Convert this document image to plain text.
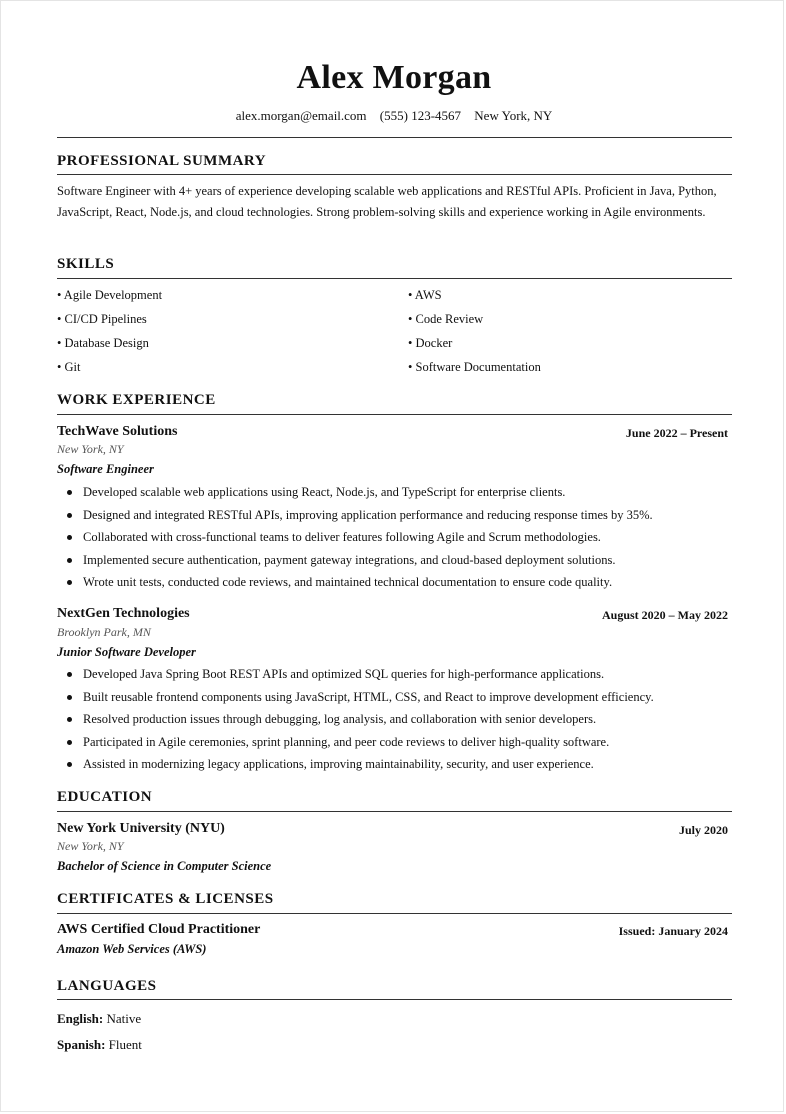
Alex Morgan
alex.morgan@email.com (555) 123-4567 New York, NY
PROFESSIONAL SUMMARY
Software Engineer with 4+ years of experience developing scalable web applications and RESTful APIs. Proficient in Java, Python, JavaScript, React, Node.js, and cloud technologies. Strong problem-solving skills and experience working in Agile environments.
SKILLS
• Agile Development
• CI/CD Pipelines
• Database Design
• Git
• AWS
• Code Review
• Docker
• Software Documentation
WORK EXPERIENCE
TechWave Solutions	June 2022 – Present
New York, NY
Software Engineer
Developed scalable web applications using React, Node.js, and TypeScript for enterprise clients.
Designed and integrated RESTful APIs, improving application performance and reducing response times by 35%.
Collaborated with cross-functional teams to deliver features following Agile and Scrum methodologies.
Implemented secure authentication, payment gateway integrations, and cloud-based deployment solutions.
Wrote unit tests, conducted code reviews, and maintained technical documentation to ensure code quality.
NextGen Technologies	August 2020 – May 2022
Brooklyn Park, MN
Junior Software Developer
Developed Java Spring Boot REST APIs and optimized SQL queries for high-performance applications.
Built reusable frontend components using JavaScript, HTML, CSS, and React to improve development efficiency.
Resolved production issues through debugging, log analysis, and collaboration with senior developers.
Participated in Agile ceremonies, sprint planning, and peer code reviews to deliver high-quality software.
Assisted in modernizing legacy applications, improving maintainability, security, and user experience.
EDUCATION
New York University (NYU)	July 2020
New York, NY
Bachelor of Science in Computer Science
CERTIFICATES & LICENSES
AWS Certified Cloud Practitioner	Issued: January 2024
Amazon Web Services (AWS)
LANGUAGES
English: Native
Spanish: Fluent
